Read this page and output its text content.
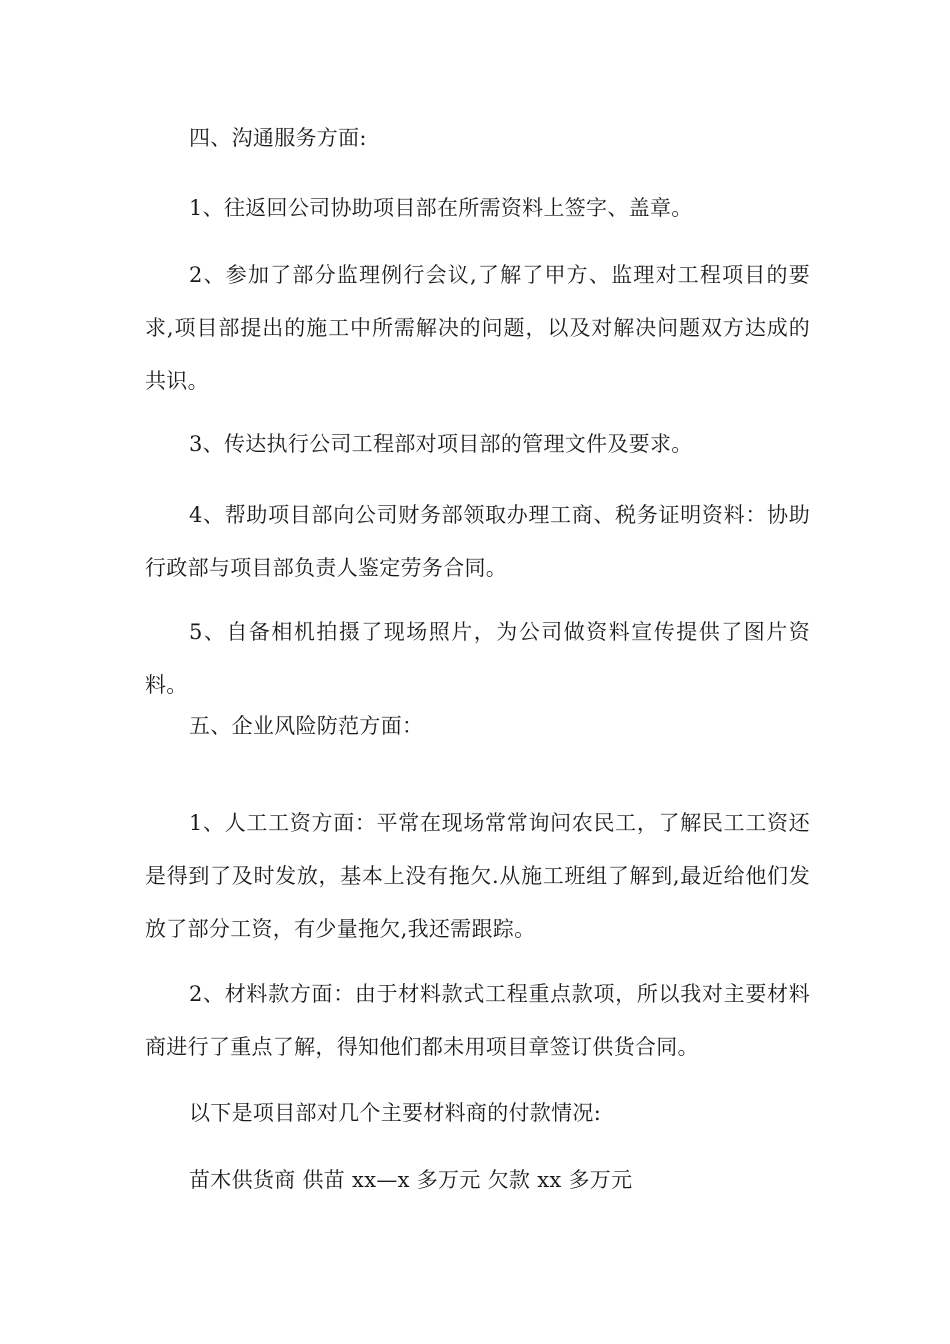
四、沟通服务方面:

1、往返回公司协助项目部在所需资料上签字、盖章。

2、参加了部分监理例行会议,了解了甲方、监理对工程项目的要求,项目部提出的施工中所需解决的问题，以及对解决问题双方达成的共识。

3、传达执行公司工程部对项目部的管理文件及要求。

4、帮助项目部向公司财务部领取办理工商、税务证明资料：协助行政部与项目部负责人鉴定劳务合同。

5、自备相机拍摄了现场照片，为公司做资料宣传提供了图片资料。

五、企业风险防范方面：

1、人工工资方面：平常在现场常常询问农民工，了解民工工资还是得到了及时发放，基本上没有拖欠.从施工班组了解到,最近给他们发放了部分工资，有少量拖欠,我还需跟踪。

2、材料款方面：由于材料款式工程重点款项，所以我对主要材料商进行了重点了解，得知他们都未用项目章签订供货合同。

以下是项目部对几个主要材料商的付款情况:

苗木供货商 供苗 xx—x 多万元 欠款 xx 多万元
